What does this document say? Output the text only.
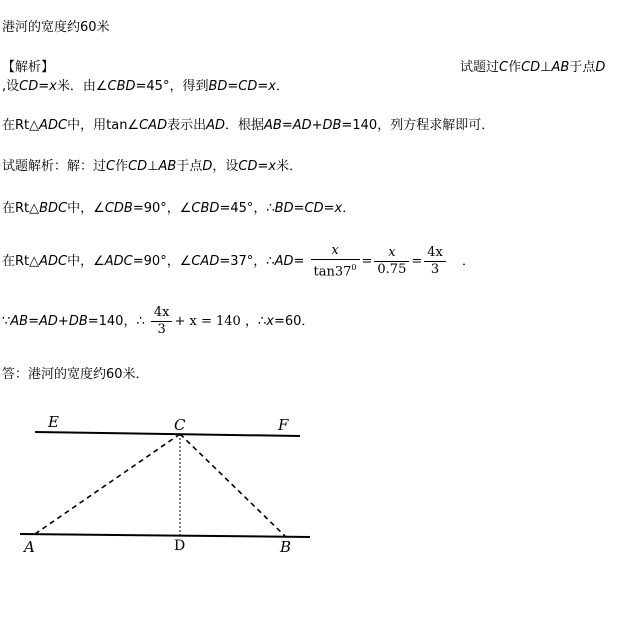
港河的宽度约60米
【解析】	试题过C作CD⊥AB于点D
,设CD=x米．由∠CBD=45°，得到BD=CD=x．
在Rt△ADC中，用tan∠CAD表示出AD．根据AB=AD+DB=140，列方程求解即可．
试题解析：解：过C作CD⊥AB于点D，设CD=x米．
在Rt△BDC中，∠CDB=90°，∠CBD=45°，∴BD=CD=x．
在Rt△ADC中，∠ADC=90°，∠CAD=37°，∴AD= $\frac{x}{\tan 37^0} = \frac{x}{0.75} = \frac{4x}{3}$ ．
∵AB=AD+DB=140，∴ $\frac{4x}{3} + x = 140$ ，∴x=60．
答：港河的宽度约60米．
E	C	F
A	D	B
